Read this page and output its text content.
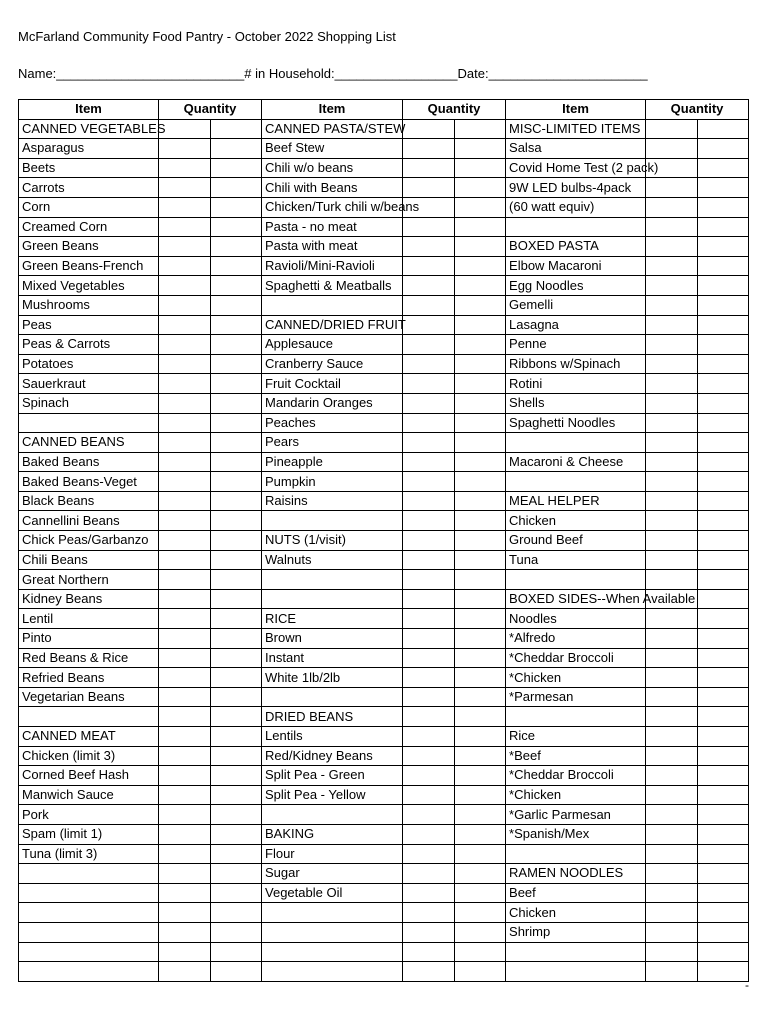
McFarland Community Food Pantry - October 2022 Shopping List
Name:__________________________# in Household:_________________Date:______________________
Item	Quantity		Item	Quantity		Item	Quantity	
CANNED VEGETABLES			CANNED PASTA/STEW			MISC-LIMITED ITEMS		
Asparagus			Beef Stew			Salsa		
Beets			Chili w/o beans			Covid Home Test (2 pack)		
Carrots			Chili with Beans			9W LED bulbs-4pack		
Corn			Chicken/Turk chili w/beans			(60 watt equiv)		
Creamed Corn			Pasta - no meat					
Green Beans			Pasta with meat			BOXED PASTA		
Green Beans-French			Ravioli/Mini-Ravioli			Elbow Macaroni		
Mixed Vegetables			Spaghetti & Meatballs			Egg Noodles		
Mushrooms						Gemelli		
Peas			CANNED/DRIED FRUIT			Lasagna		
Peas & Carrots			Applesauce			Penne		
Potatoes			Cranberry Sauce			Ribbons w/Spinach		
Sauerkraut			Fruit Cocktail			Rotini		
Spinach			Mandarin Oranges			Shells		
			Peaches			Spaghetti Noodles		
CANNED BEANS			Pears					
Baked Beans			Pineapple			Macaroni & Cheese		
Baked Beans-Veget			Pumpkin					
Black Beans			Raisins			MEAL HELPER		
Cannellini Beans						Chicken		
Chick Peas/Garbanzo			NUTS (1/visit)			Ground Beef		
Chili Beans			Walnuts			Tuna		
Great Northern								
Kidney Beans						BOXED SIDES--When Available		
Lentil			RICE			Noodles		
Pinto			Brown			*Alfredo		
Red Beans & Rice			Instant			*Cheddar Broccoli		
Refried Beans			White 1lb/2lb			*Chicken		
Vegetarian Beans						*Parmesan		
			DRIED BEANS					
CANNED MEAT			Lentils			Rice		
Chicken (limit 3)			Red/Kidney Beans			*Beef		
Corned Beef Hash			Split Pea - Green			*Cheddar Broccoli		
Manwich Sauce			Split Pea - Yellow			*Chicken		
Pork						*Garlic Parmesan		
Spam (limit 1)			BAKING			*Spanish/Mex		
Tuna (limit 3)			Flour					
			Sugar			RAMEN NOODLES		
			Vegetable Oil			Beef		
						Chicken		
						Shrimp		

-
